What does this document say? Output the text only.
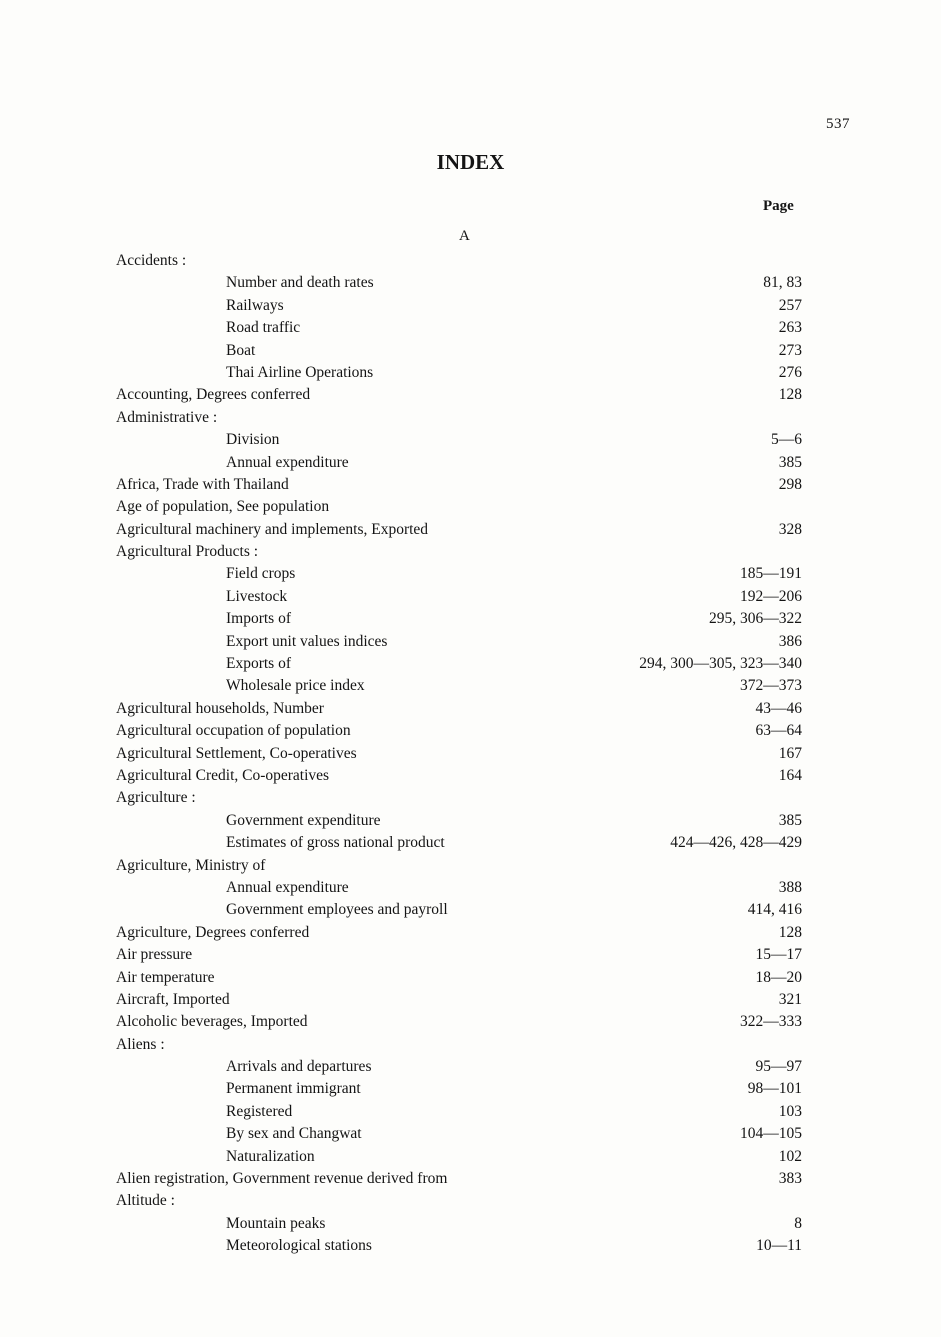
537
INDEX
Page
A
Accidents :
Number and death rates	81, 83
Railways	257
Road traffic	263
Boat	273
Thai Airline Operations	276
Accounting, Degrees conferred	128
Administrative :
Division	5—6
Annual expenditure	385
Africa, Trade with Thailand	298
Age of population, See population
Agricultural machinery and implements, Exported	328
Agricultural Products :
Field crops	185—191
Livestock	192—206
Imports of	295, 306—322
Export unit values indices	386
Exports of	294, 300—305, 323—340
Wholesale price index	372—373
Agricultural households, Number	43—46
Agricultural occupation of population	63—64
Agricultural Settlement, Co-operatives	167
Agricultural Credit, Co-operatives	164
Agriculture :
Government expenditure	385
Estimates of gross national product	424—426, 428—429
Agriculture, Ministry of
Annual expenditure	388
Government employees and payroll	414, 416
Agriculture, Degrees conferred	128
Air pressure	15—17
Air temperature	18—20
Aircraft, Imported	321
Alcoholic beverages, Imported	322—333
Aliens :
Arrivals and departures	95—97
Permanent immigrant	98—101
Registered	103
By sex and Changwat	104—105
Naturalization	102
Alien registration, Government revenue derived from	383
Altitude :
Mountain peaks	8
Meteorological stations	10—11
